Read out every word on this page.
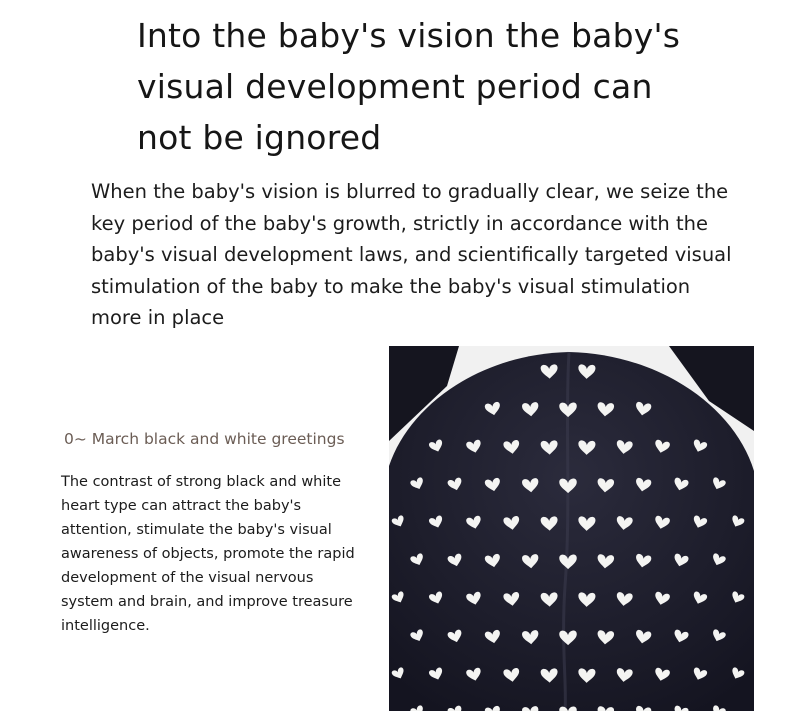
Into the baby's vision the baby's visual development period can not be ignored

When the baby's vision is blurred to gradually clear, we seize the key period of the baby's growth, strictly in accordance with the baby's visual development laws, and scientifically targeted visual stimulation of the baby to make the baby's visual stimulation more in place

0~ March black and white greetings

The contrast of strong black and white heart type can attract the baby's attention, stimulate the baby's visual awareness of objects, promote the rapid development of the visual nervous system and brain, and improve treasure intelligence.
